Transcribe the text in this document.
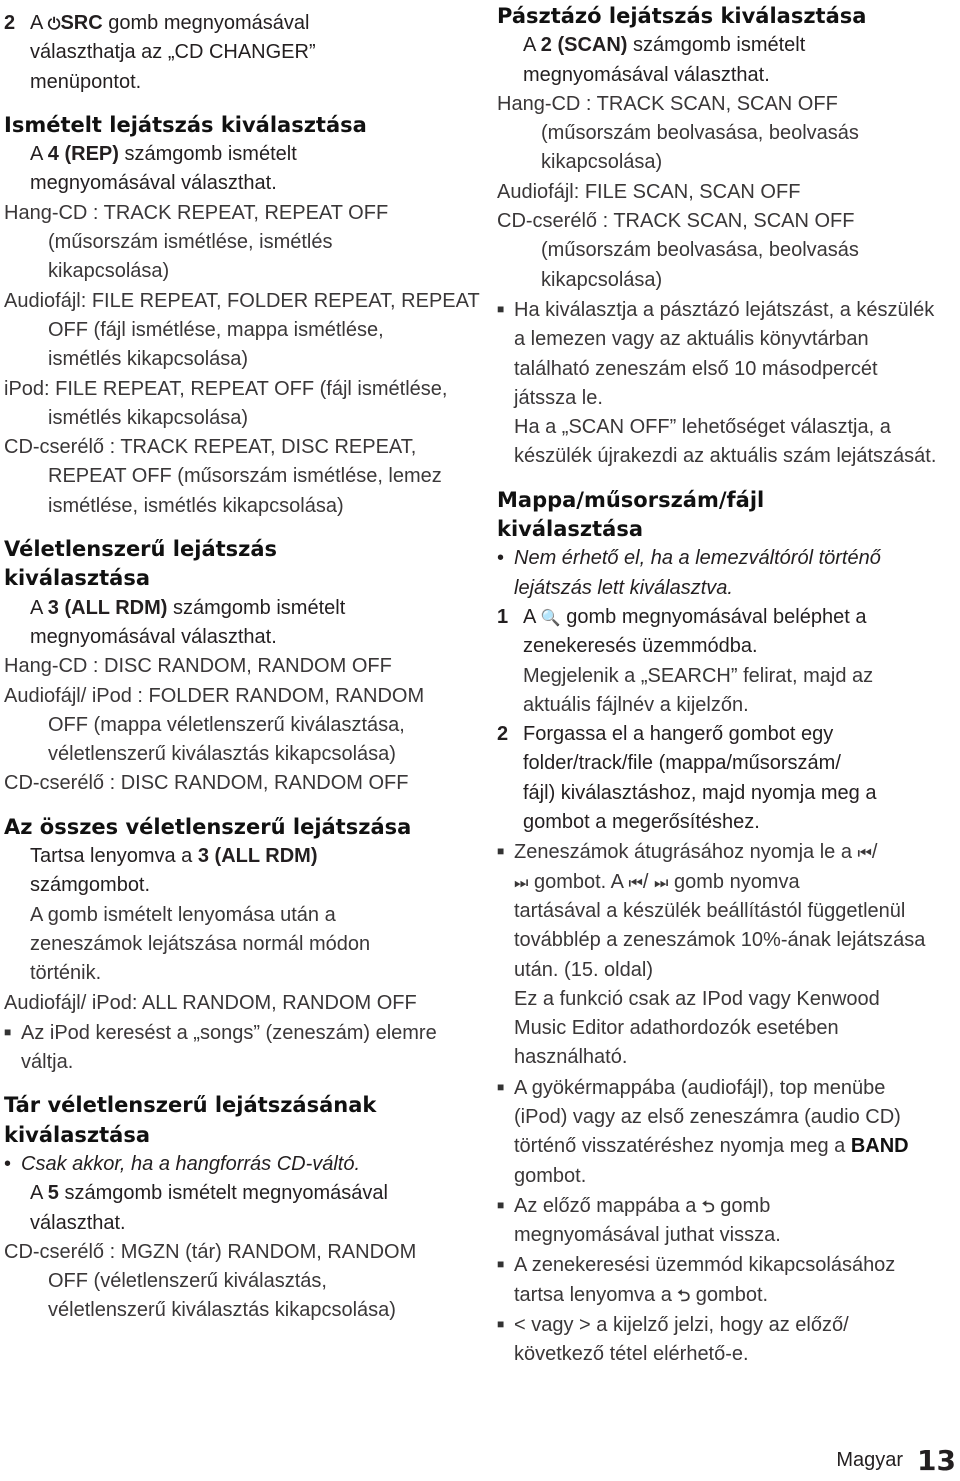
2 A ⏻SRC gomb megnyomásával
választhatja az „CD CHANGER”
menüpontot.
Ismételt lejátszás kiválasztása
A 4 (REP) számgomb ismételt
megnyomásával választhat.
Hang-CD : TRACK REPEAT, REPEAT OFF
(műsorszám ismétlése, ismétlés
kikapcsolása)
Audiofájl: FILE REPEAT, FOLDER REPEAT, REPEAT
OFF (fájl ismétlése, mappa ismétlése,
ismétlés kikapcsolása)
iPod: FILE REPEAT, REPEAT OFF (fájl ismétlése,
ismétlés kikapcsolása)
CD-cserélő : TRACK REPEAT, DISC REPEAT,
REPEAT OFF (műsorszám ismétlése, lemez
ismétlése, ismétlés kikapcsolása)
Véletlenszerű lejátszás
kiválasztása
A 3 (ALL RDM) számgomb ismételt
megnyomásával választhat.
Hang-CD : DISC RANDOM, RANDOM OFF
Audiofájl/ iPod : FOLDER RANDOM, RANDOM
OFF (mappa véletlenszerű kiválasztása,
véletlenszerű kiválasztás kikapcsolása)
CD-cserélő : DISC RANDOM, RANDOM OFF
Az összes véletlenszerű lejátszása
Tartsa lenyomva a 3 (ALL RDM)
számgombot.
A gomb ismételt lenyomása után a
zeneszámok lejátszása normál módon
történik.
Audiofájl/ iPod: ALL RANDOM, RANDOM OFF
■ Az iPod keresést a „songs” (zeneszám) elemre
váltja.
Tár véletlenszerű lejátszásának
kiválasztása
• Csak akkor, ha a hangforrás CD-váltó.
A 5 számgomb ismételt megnyomásával
választhat.
CD-cserélő : MGZN (tár) RANDOM, RANDOM
OFF (véletlenszerű kiválasztás,
véletlenszerű kiválasztás kikapcsolása)
Pásztázó lejátszás kiválasztása
A 2 (SCAN) számgomb ismételt
megnyomásával választhat.
Hang-CD : TRACK SCAN, SCAN OFF
(műsorszám beolvasása, beolvasás
kikapcsolása)
Audiofájl: FILE SCAN, SCAN OFF
CD-cserélő : TRACK SCAN, SCAN OFF
(műsorszám beolvasása, beolvasás
kikapcsolása)
■ Ha kiválasztja a pásztázó lejátszást, a készülék
a lemezen vagy az aktuális könyvtárban
található zeneszám első 10 másodpercét
játssza le.
Ha a „SCAN OFF” lehetőséget választja, a
készülék újrakezdi az aktuális szám lejátszását.
Mappa/műsorszám/fájl
kiválasztása
• Nem érhető el, ha a lemezváltóról történő
lejátszás lett kiválasztva.
1 A 🔍 gomb megnyomásával beléphet a
zenekeresés üzemmódba.
Megjelenik a „SEARCH” felirat, majd az
aktuális fájlnév a kijelzőn.
2 Forgassa el a hangerő gombot egy
folder/track/file (mappa/műsorszám/
fájl) kiválasztáshoz, majd nyomja meg a
gombot a megerősítéshez.
■ Zeneszámok átugrásához nyomja le a ⏮/
⏭ gombot. A ⏮/ ⏭ gomb nyomva
tartásával a készülék beállítástól függetlenül
továbblép a zeneszámok 10%-ának lejátszása
után. (15. oldal)
Ez a funkció csak az IPod vagy Kenwood
Music Editor adathordozók esetében
használható.
■ A gyökérmappába (audiofájl), top menübe
(iPod) vagy az első zeneszámra (audio CD)
történő visszatéréshez nyomja meg a BAND
gombot.
■ Az előző mappába a ⮌ gomb
megnyomásával juthat vissza.
■ A zenekeresési üzemmód kikapcsolásához
tartsa lenyomva a ⮌ gombot.
■ < vagy > a kijelző jelzi, hogy az előző/
következő tétel elérhető-e.
Magyar 13
